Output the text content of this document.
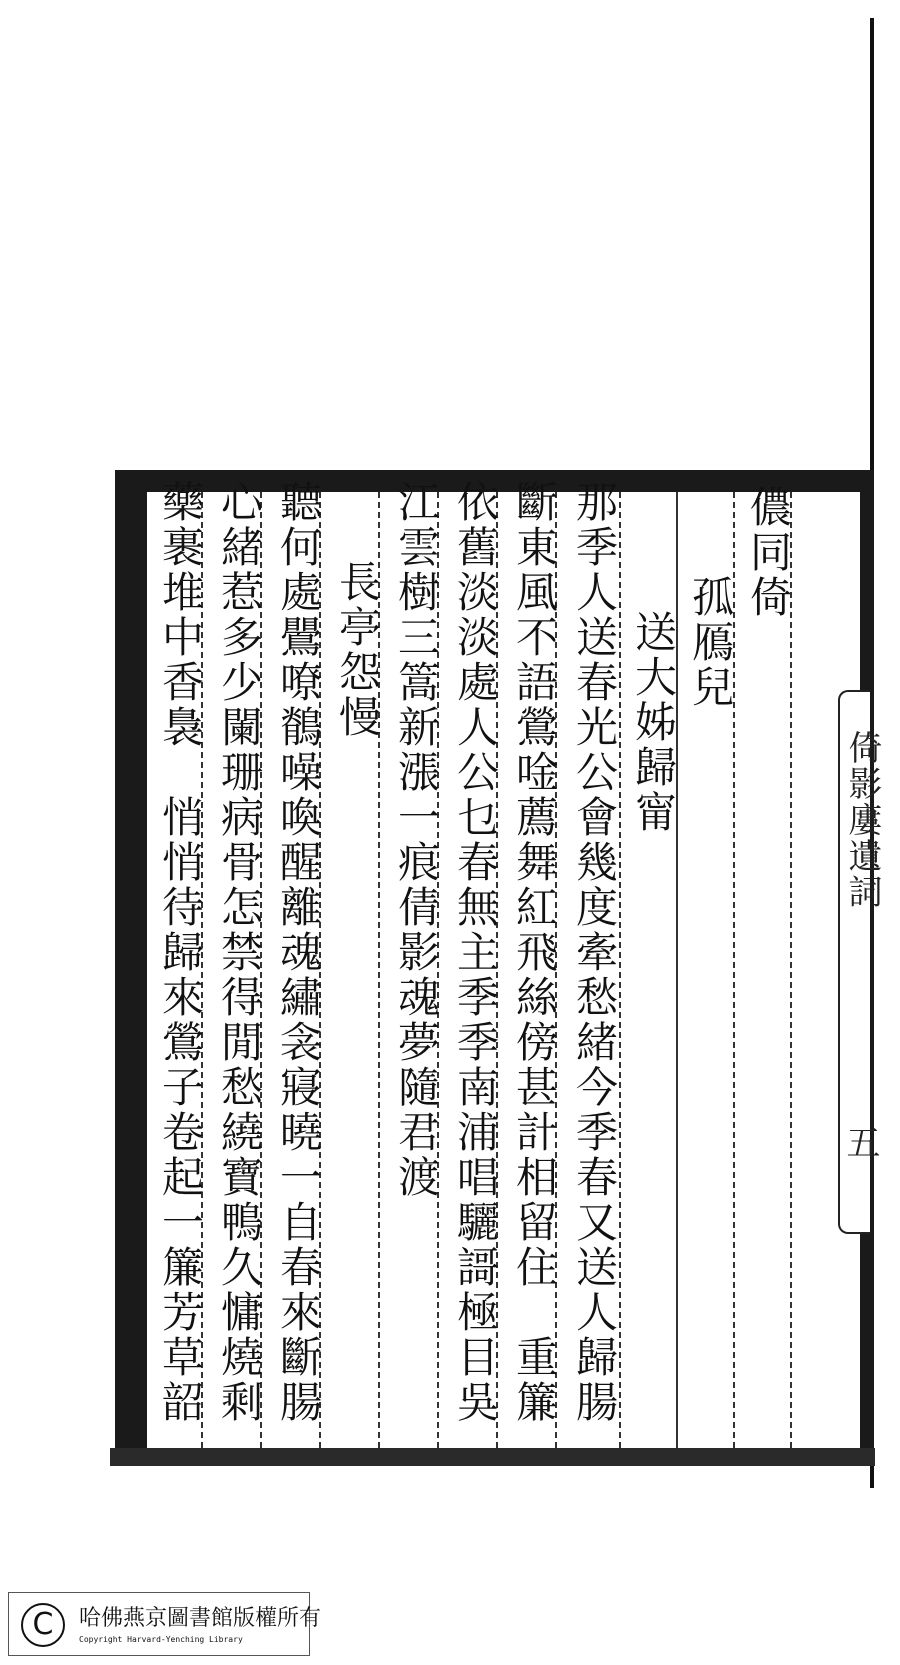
儂同倚
孤鴈兒
送大姊歸甯
那季人送春光公會幾度牽愁緒今季春又送人歸腸
斷東風不語鶯唫薦舞紅飛絲傍甚計相留住　重簾
依舊淡淡處人公乜春無主季季南浦唱驪謌極目吳
江雲樹三篙新漲一痕倩影魂夢隨君渡
長亭怨慢
聽何處鷪嘹鶺噪喚醒離魂繡衾寢曉一自春來斷腸
心緒惹多少闌珊病骨怎禁得閒愁繞寶鴨久慵燒剩
藥裹堆中香裊　悄悄待歸來鶯子卷起一簾芳草韶	倚影廔遺詞
五
C	哈佛燕京圖書館版權所有
Copyright Harvard-Yenching Library
